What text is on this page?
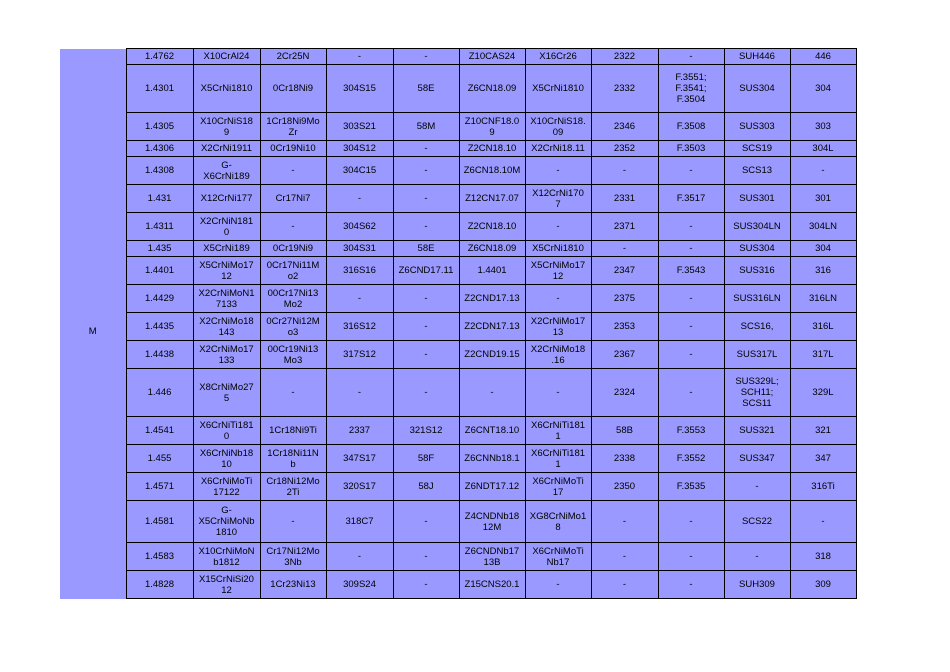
	1.4762	X10CrAl24	2Cr25N	-	-	Z10CAS24	X16Cr26	2322	-	SUH446	446

M	1.4301	X5CrNi1810	0Cr18Ni9	304S15	58E	Z6CN18.09	X5CrNi1810	2332	F.3551;
F.3541;
F.3504	SUS304	304

	1.4305	X10CrNiS18
9	1Cr18Ni9Mo
Zr	303S21	58M	Z10CNF18.0
9	X10CrNiS18.
09	2346	F.3508	SUS303	303

	1.4306	X2CrNi1911	0Cr19Ni10	304S12	-	Z2CN18.10	X2CrNi18.11	2352	F.3503	SCS19	304L

	1.4308	G-
X6CrNi189	-	304C15	-	Z6CN18.10M	-	-	-	SCS13	-

	1.431	X12CrNi177	Cr17Ni7	-	-	Z12CN17.07	X12CrNi170
7	2331	F.3517	SUS301	301

	1.4311	X2CrNiN181
0	-	304S62	-	Z2CN18.10	-	2371	-	SUS304LN	304LN

	1.435	X5CrNi189	0Cr19Ni9	304S31	58E	Z6CN18.09	X5CrNi1810	-	-	SUS304	304

	1.4401	X5CrNiMo17
12	0Cr17Ni11M
o2	316S16	Z6CND17.11	1.4401	X5CrNiMo17
12	2347	F.3543	SUS316	316

	1.4429	X2CrNiMoN1
7133	00Cr17Ni13
Mo2	-	-	Z2CND17.13	-	2375	-	SUS316LN	316LN

	1.4435	X2CrNiMo18
143	0Cr27Ni12M
o3	316S12	-	Z2CDN17.13	X2CrNiMo17
13	2353	-	SCS16,	316L

	1.4438	X2CrNiMo17
133	00Cr19Ni13
Mo3	317S12	-	Z2CND19.15	X2CrNiMo18
.16	2367	-	SUS317L	317L

	1.446	X8CrNiMo27
5	-	-	-	-	-	2324	-	SUS329L;
SCH11;
SCS11	329L

	1.4541	X6CrNiTi181
0	1Cr18Ni9Ti	2337	321S12	Z6CNT18.10	X6CrNiTi181
1	58B	F.3553	SUS321	321

	1.455	X6CrNiNb18
10	1Cr18Ni11N
b	347S17	58F	Z6CNNb18.1	X6CrNiTi181
1	2338	F.3552	SUS347	347

	1.4571	X6CrNiMoTi
17122	Cr18Ni12Mo
2Ti	320S17	58J	Z6NDT17.12	X6CrNiMoTi
17	2350	F.3535	-	316Ti

	1.4581	G-
X5CrNiMoNb
1810	-	318C7	-	Z4CNDNb18
12M	XG8CrNiMo1
8	-	-	SCS22	-

	1.4583	X10CrNiMoN
b1812	Cr17Ni12Mo
3Nb	-	-	Z6CNDNb17
13B	X6CrNiMoTi
Nb17	-	-	-	318

	1.4828	X15CrNiSi20
12	1Cr23Ni13	309S24	-	Z15CNS20.1	-	-	-	SUH309	309
